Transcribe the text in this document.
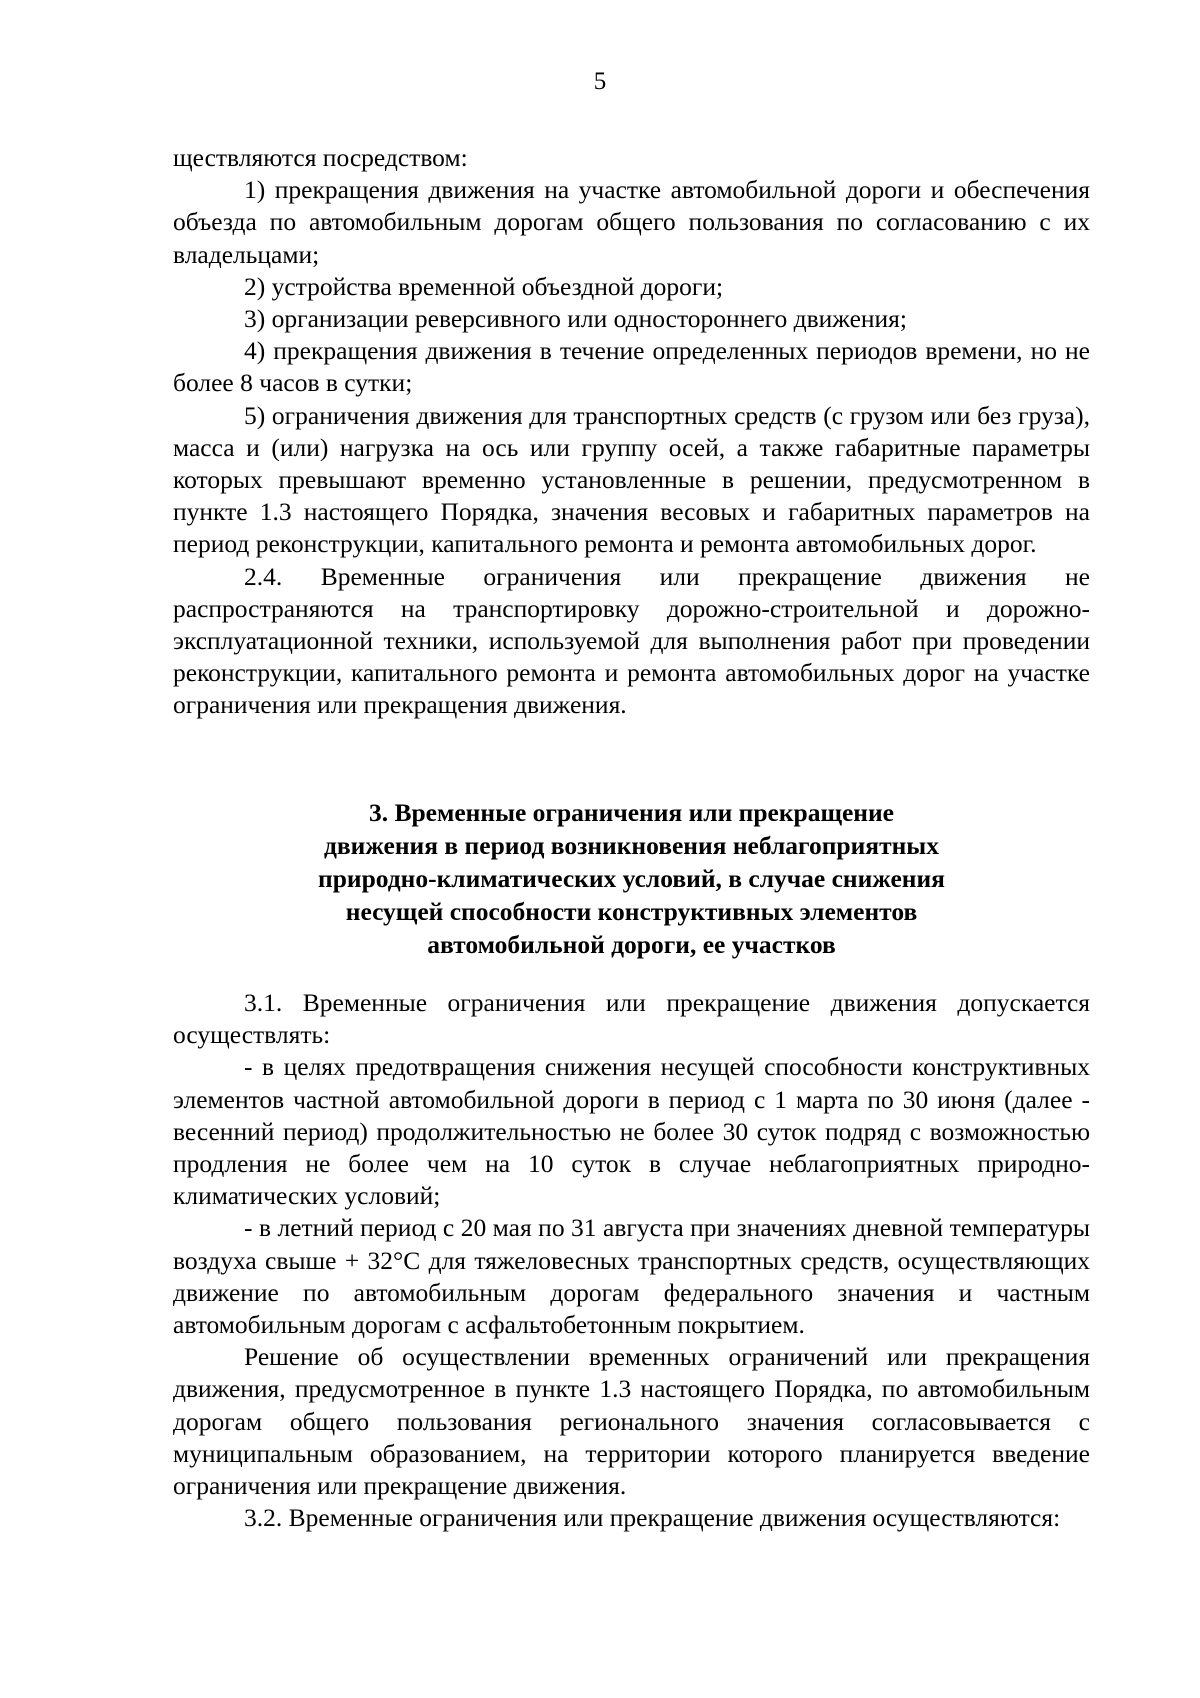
5

ществляются посредством:

1) прекращения движения на участке автомобильной дороги и обеспечения объезда по автомобильным дорогам общего пользования по согласованию с их владельцами;

2) устройства временной объездной дороги;

3) организации реверсивного или одностороннего движения;

4) прекращения движения в течение определенных периодов времени, но не более 8 часов в сутки;

5) ограничения движения для транспортных средств (с грузом или без груза), масса и (или) нагрузка на ось или группу осей, а также габаритные параметры которых превышают временно установленные в решении, предусмотренном в пункте 1.3 настоящего Порядка, значения весовых и габаритных параметров на период реконструкции, капитального ремонта и ремонта автомобильных дорог.

2.4. Временные ограничения или прекращение движения не распространяются на транспортировку дорожно-строительной и дорожно-эксплуатационной техники, используемой для выполнения работ при проведении реконструкции, капитального ремонта и ремонта автомобильных дорог на участке ограничения или прекращения движения.

3. Временные ограничения или прекращение
движения в период возникновения неблагоприятных
природно-климатических условий, в случае снижения
несущей способности конструктивных элементов
автомобильной дороги, ее участков

3.1. Временные ограничения или прекращение движения допускается осуществлять:

- в целях предотвращения снижения несущей способности конструктивных элементов частной автомобильной дороги в период с 1 марта по 30 июня (далее - весенний период) продолжительностью не более 30 суток подряд с возможностью продления не более чем на 10 суток в случае неблагоприятных природно-климатических условий;

- в летний период с 20 мая по 31 августа при значениях дневной температуры воздуха свыше + 32°С для тяжеловесных транспортных средств, осуществляющих движение по автомобильным дорогам федерального значения и частным автомобильным дорогам с асфальтобетонным покрытием.

Решение об осуществлении временных ограничений или прекращения движения, предусмотренное в пункте 1.3 настоящего Порядка, по автомобильным дорогам общего пользования регионального значения согласовывается с муниципальным образованием, на территории которого планируется введение ограничения или прекращение движения.

3.2. Временные ограничения или прекращение движения осуществляются:
